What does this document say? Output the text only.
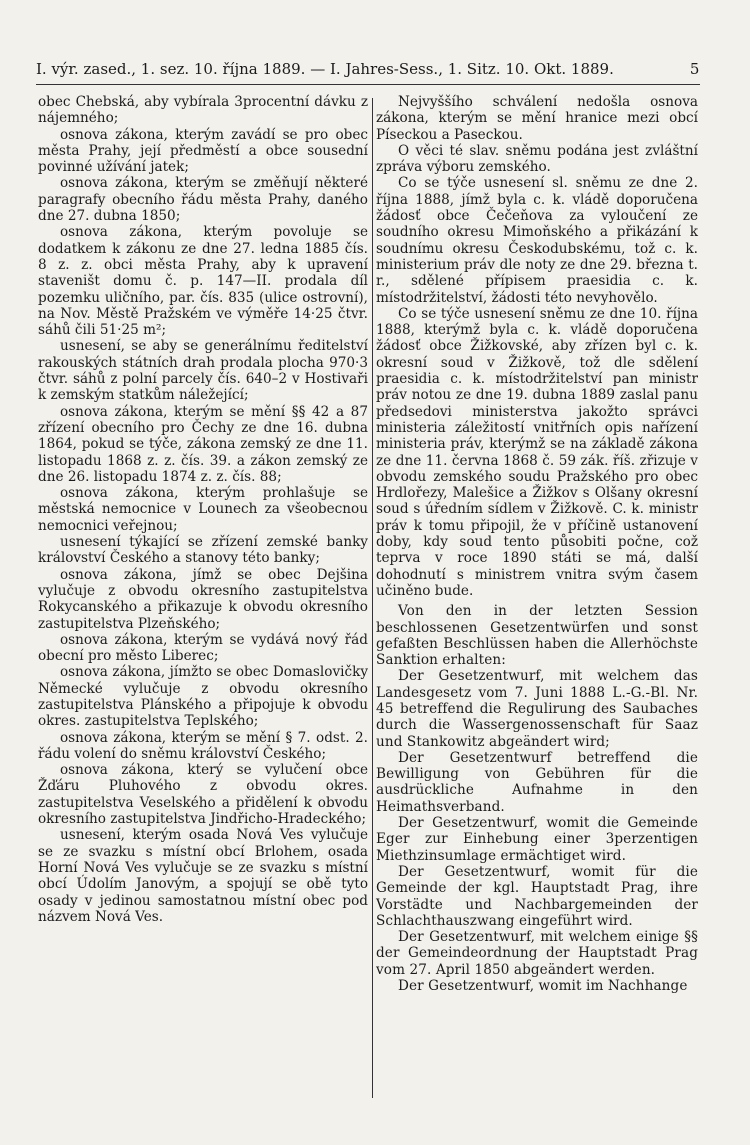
I. výr. zased., 1. sez. 10. října 1889. — I. Jahres-Sess., 1. Sitz. 10. Okt. 1889.	5

obec Chebská, aby vybírala 3procentní dávku z nájemného;

osnova zákona, kterým zavádí se pro obec města Prahy, její předměstí a obce sousední povinné užívání jatek;

osnova zákona, kterým se změňují některé paragrafy obecního řádu města Prahy, daného dne 27. dubna 1850;

osnova zákona, kterým povoluje se dodatkem k zákonu ze dne 27. ledna 1885 čís. 8 z. z. obci města Prahy, aby k upravení staveništ domu č. p. 147—II. prodala díl pozemku uličního, par. čís. 835 (ulice ostrovní), na Nov. Městě Pražském ve výměře 14·25 čtvr. sáhů čili 51·25 m²;

usnesení, se aby se generálnímu ředitelství rakouských státních drah prodala plocha 970·3 čtvr. sáhů z polní parcely čís. 640–2 v Hostivaři k zemským statkům náležející;

osnova zákona, kterým se mění §§ 42 a 87 zřízení obecního pro Čechy ze dne 16. dubna 1864, pokud se týče, zákona zemský ze dne 11. listopadu 1868 z. z. čís. 39. a zákon zemský ze dne 26. listopadu 1874 z. z. čís. 88;

osnova zákona, kterým prohlašuje se městská nemocnice v Lounech za všeobecnou nemocnici veřejnou;

usnesení týkající se zřízení zemské banky království Českého a stanovy této banky;

osnova zákona, jímž se obec Dejšina vylučuje z obvodu okresního zastupitelstva Rokycanského a přikazuje k obvodu okresního zastupitelstva Plzeňského;

osnova zákona, kterým se vydává nový řád obecní pro město Liberec;

osnova zákona, jímžto se obec Domaslovičky Německé vylučuje z obvodu okresního zastupitelstva Plánského a připojuje k obvodu okres. zastupitelstva Teplského;

osnova zákona, kterým se mění § 7. odst. 2. řádu volení do sněmu království Českého;

osnova zákona, který se vylučení obce Žďáru Pluhového z obvodu okres. zastupitelstva Veselského a přidělení k obvodu okresního zastupitelstva Jindřicho-Hradeckého;

usnesení, kterým osada Nová Ves vylučuje se ze svazku s místní obcí Brlohem, osada Horní Nová Ves vylučuje se ze svazku s místní obcí Údolím Janovým, a spojují se obě tyto osady v jedinou samostatnou místní obec pod názvem Nová Ves.

Nejvyššího schválení nedošla osnova zákona, kterým se mění hranice mezi obcí Píseckou a Paseckou.

O věci té slav. sněmu podána jest zvláštní zpráva výboru zemského.

Co se týče usnesení sl. sněmu ze dne 2. října 1888, jímž byla c. k. vládě doporučena žádosť obce Čečeňova za vyloučení ze soudního okresu Mimoňského a přikázání k soudnímu okresu Českodubskému, tož c. k. ministerium práv dle noty ze dne 29. března t. r., sdělené přípisem praesidia c. k. místodržitelství, žádosti této nevyhovělo.

Co se týče usnesení sněmu ze dne 10. října 1888, kterýmž byla c. k. vládě doporučena žádosť obce Žižkovské, aby zřízen byl c. k. okresní soud v Žižkově, tož dle sdělení praesidia c. k. místodržitelství pan ministr práv notou ze dne 19. dubna 1889 zaslal panu předsedovi ministerstva jakožto správci ministeria záležitostí vnitřních opis nařízení ministeria práv, kterýmž se na základě zákona ze dne 11. června 1868 č. 59 zák. říš. zřizuje v obvodu zemského soudu Pražského pro obec Hrdlořezy, Malešice a Žižkov s Olšany okresní soud s úředním sídlem v Žižkově. C. k. ministr práv k tomu připojil, že v příčině ustanovení doby, kdy soud tento působiti počne, což teprva v roce 1890 státi se má, další dohodnutí s ministrem vnitra svým časem učiněno bude.

Von den in der letzten Session beschlossenen Gesetzentwürfen und sonst gefaßten Beschlüssen haben die Allerhöchste Sanktion erhalten:

Der Gesetzentwurf, mit welchem das Landesgesetz vom 7. Juni 1888 L.-G.-Bl. Nr. 45 betreffend die Regulirung des Saubaches durch die Wassergenossenschaft für Saaz und Stankowitz abgeändert wird;

Der Gesetzentwurf betreffend die Bewilligung von Gebühren für die ausdrückliche Aufnahme in den Heimathsverband.

Der Gesetzentwurf, womit die Gemeinde Eger zur Einhebung einer 3perzentigen Miethzinsumlage ermächtiget wird.

Der Gesetzentwurf, womit für die Gemeinde der kgl. Hauptstadt Prag, ihre Vorstädte und Nachbargemeinden der Schlachthauszwang eingeführt wird.

Der Gesetzentwurf, mit welchem einige §§ der Gemeindeordnung der Hauptstadt Prag vom 27. April 1850 abgeändert werden.

Der Gesetzentwurf, womit im Nachhange
